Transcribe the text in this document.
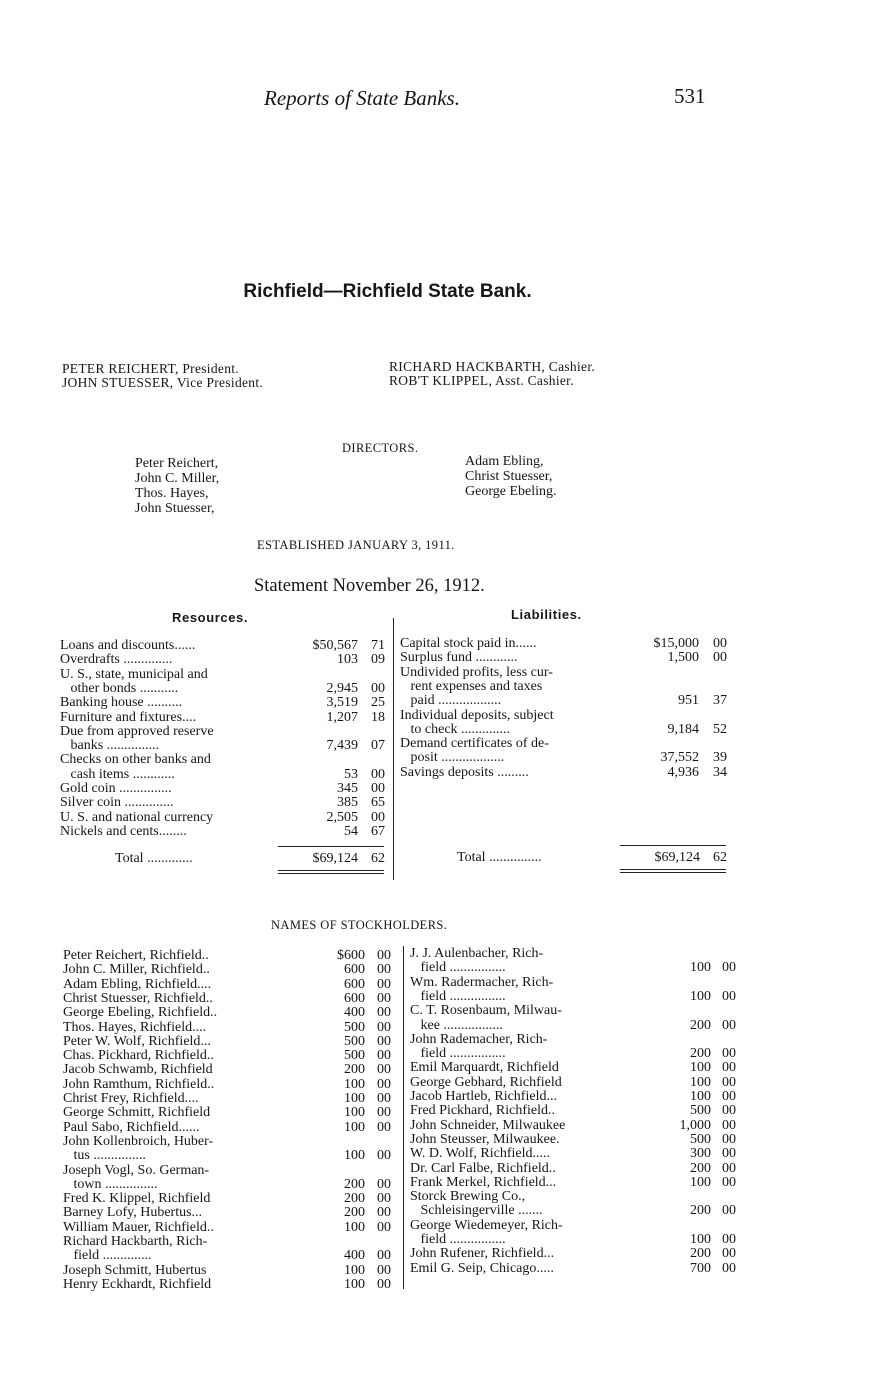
Reports of State Banks.	531
Richfield—Richfield State Bank.
PETER REICHERT, President.
JOHN STUESSER, Vice President.
RICHARD HACKBARTH, Cashier.
ROB'T KLIPPEL, Asst. Cashier.
DIRECTORS.
Peter Reichert,
John C. Miller,
Thos. Hayes,
John Stuesser,
Adam Ebling,
Christ Stuesser,
George Ebeling.
ESTABLISHED JANUARY 3, 1911.
Statement November 26, 1912.
Resources.	Liabilities.
Loans and discounts......	$50,567 71
Overdrafts ..............	103 09
U. S., state, municipal and
other bonds ...........	2,945 00
Banking house ..........	3,519 25
Furniture and fixtures....	1,207 18
Due from approved reserve
banks ...............	7,439 07
Checks on other banks and
cash items ............	53 00
Gold coin ...............	345 00
Silver coin ..............	385 65
U. S. and national currency	2,505 00
Nickels and cents........	54 67
Capital stock paid in......	$15,000	00
Surplus fund ............	1,500	00
Undivided profits, less cur-
rent expenses and taxes
paid ..................	951	37
Individual deposits, subject
to check ..............	9,184	52
Demand certificates of de-
posit ..................	37,552	39
Savings deposits .........	4,936	34
Total .............	$69,124 62	Total ...............	$69,124 62
NAMES OF STOCKHOLDERS.
Peter Reichert, Richfield..	$600 00
John C. Miller, Richfield..	600 00
Adam Ebling, Richfield....	600 00
Christ Stuesser, Richfield..	600 00
George Ebeling, Richfield..	400 00
Thos. Hayes, Richfield....	500 00
Peter W. Wolf, Richfield...	500 00
Chas. Pickhard, Richfield..	500 00
Jacob Schwamb, Richfield	200 00
John Ramthum, Richfield..	100 00
Christ Frey, Richfield....	100 00
George Schmitt, Richfield	100 00
Paul Sabo, Richfield......	100 00
John Kollenbroich, Huber-
tus ...............	100 00
Joseph Vogl, So. German-
town ...............	200 00
Fred K. Klippel, Richfield	200 00
Barney Lofy, Hubertus...	200 00
William Mauer, Richfield..	100 00
Richard Hackbarth, Rich-
field ..............	400 00
Joseph Schmitt, Hubertus	100 00
Henry Eckhardt, Richfield	100 00
J. J. Aulenbacher, Rich-
field ................	100 00
Wm. Radermacher, Rich-
field ................	100 00
C. T. Rosenbaum, Milwau-
kee .................	200 00
John Rademacher, Rich-
field ................	200 00
Emil Marquardt, Richfield	100 00
George Gebhard, Richfield	100 00
Jacob Hartleb, Richfield...	100 00
Fred Pickhard, Richfield..	500 00
John Schneider, Milwaukee	1,000 00
John Steusser, Milwaukee.	500 00
W. D. Wolf, Richfield.....	300 00
Dr. Carl Falbe, Richfield..	200 00
Frank Merkel, Richfield...	100 00
Storck Brewing Co.,
Schleisingerville .......	200 00
George Wiedemeyer, Rich-
field ................	100 00
John Rufener, Richfield...	200 00
Emil G. Seip, Chicago.....	700 00
